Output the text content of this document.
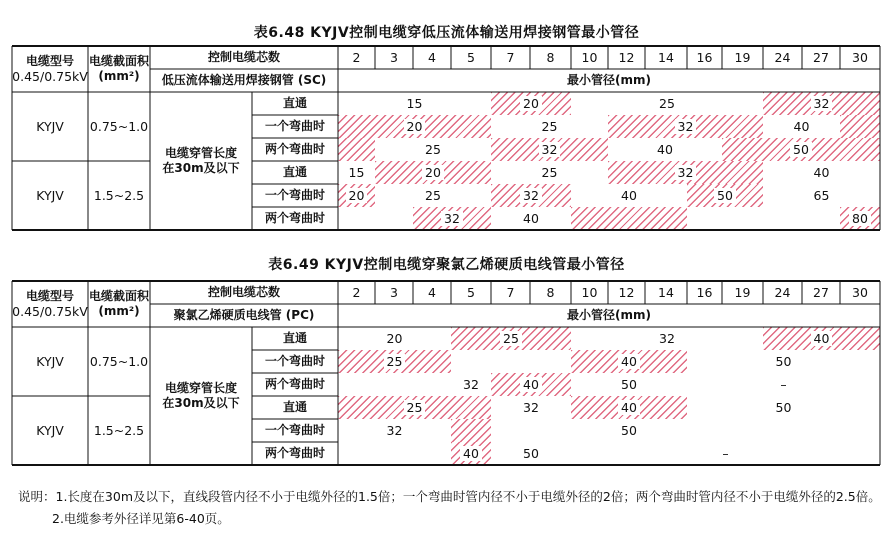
表6.48 KYJV控制电缆穿低压流体输送用焊接钢管最小管径
电缆型号
0.45/0.75kV
电缆截面积
(mm²)
控制电缆芯数
低压流体输送用焊接钢管 (SC)
2	3	4	5	7	8	10	12	14	16	19	24	27	30
最小管径(mm)
KYJV	0.75~1.0
直通	15	20	25	32
一个弯曲时	20	25	32	40
两个弯曲时	25	32	40	50
KYJV	1.5~2.5
直通	15	20	25	32	40
一个弯曲时	20	25	32	40	50	65
两个弯曲时	32	40	80
电缆穿管长度
在30m及以下
表6.49 KYJV控制电缆穿聚氯乙烯硬质电线管最小管径
电缆型号
0.45/0.75kV
电缆截面积
(mm²)
控制电缆芯数
聚氯乙烯硬质电线管 (PC)
2	3	4	5	7	8	10	12	14	16	19	24	27	30
最小管径(mm)
KYJV	0.75~1.0
直通	20	25	32	40
一个弯曲时	25	40	50
两个弯曲时	32	40	50	–
KYJV	1.5~2.5
直通	25	32	40	50
一个弯曲时	32	50
两个弯曲时	40	50	–
电缆穿管长度
在30m及以下
说明：1.长度在30m及以下，直线段管内径不小于电缆外径的1.5倍；一个弯曲时管内径不小于电缆外径的2倍；两个弯曲时管内径不小于电缆外径的2.5倍。
2.电缆参考外径详见第6-40页。
